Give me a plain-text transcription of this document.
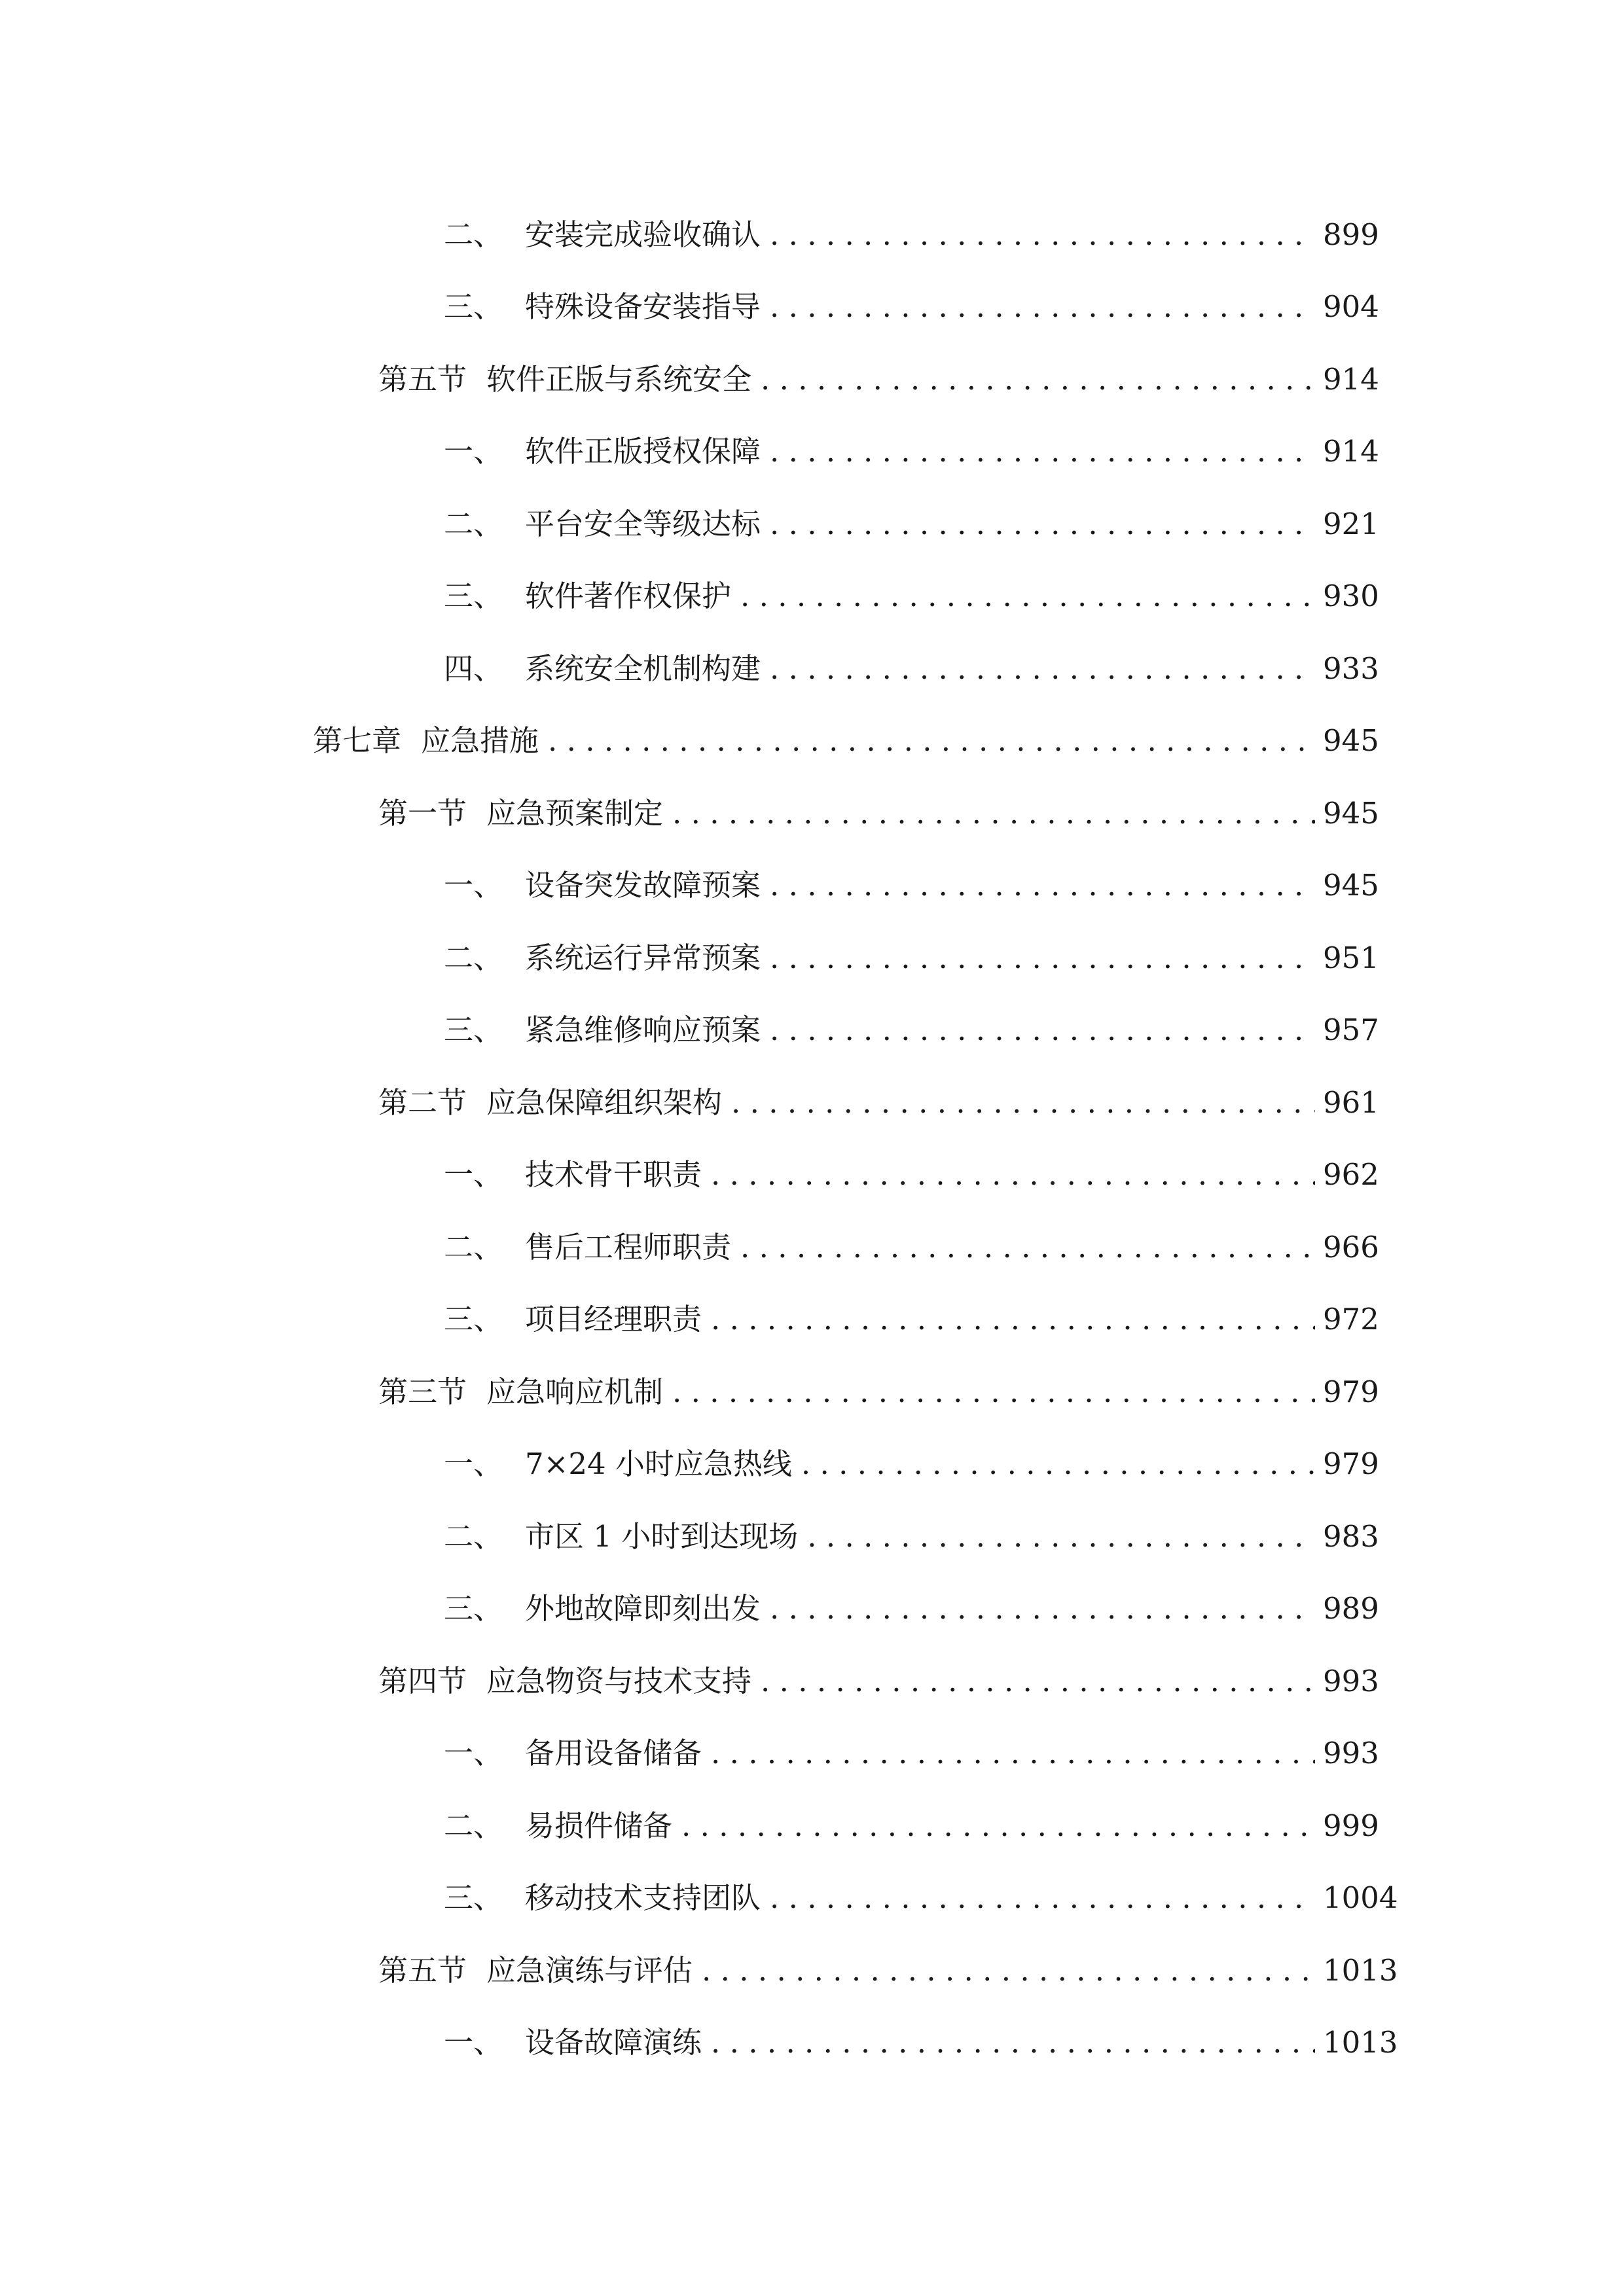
二、 安装完成验收确认 . . .	899
三、 特殊设备安装指导 . . .	904
第五节 软件正版与系统安全 . . .	914
一、 软件正版授权保障 . . .	914
二、 平台安全等级达标 . . .	921
三、 软件著作权保护 . . .	930
四、 系统安全机制构建 . . .	933
第七章 应急措施 . . .	945
第一节 应急预案制定 . . .	945
一、 设备突发故障预案 . . .	945
二、 系统运行异常预案 . . .	951
三、 紧急维修响应预案 . . .	957
第二节 应急保障组织架构 . . .	961
一、 技术骨干职责 . . .	962
二、 售后工程师职责 . . .	966
三、 项目经理职责 . . .	972
第三节 应急响应机制 . . .	979
一、 7×24 小时应急热线 . . .	979
二、 市区 1 小时到达现场 . . .	983
三、 外地故障即刻出发 . . .	989
第四节 应急物资与技术支持 . . .	993
一、 备用设备储备 . . .	993
二、 易损件储备 . . .	999
三、 移动技术支持团队 . . .	1004
第五节 应急演练与评估 . . .	1013
一、 设备故障演练 . . .	1013
